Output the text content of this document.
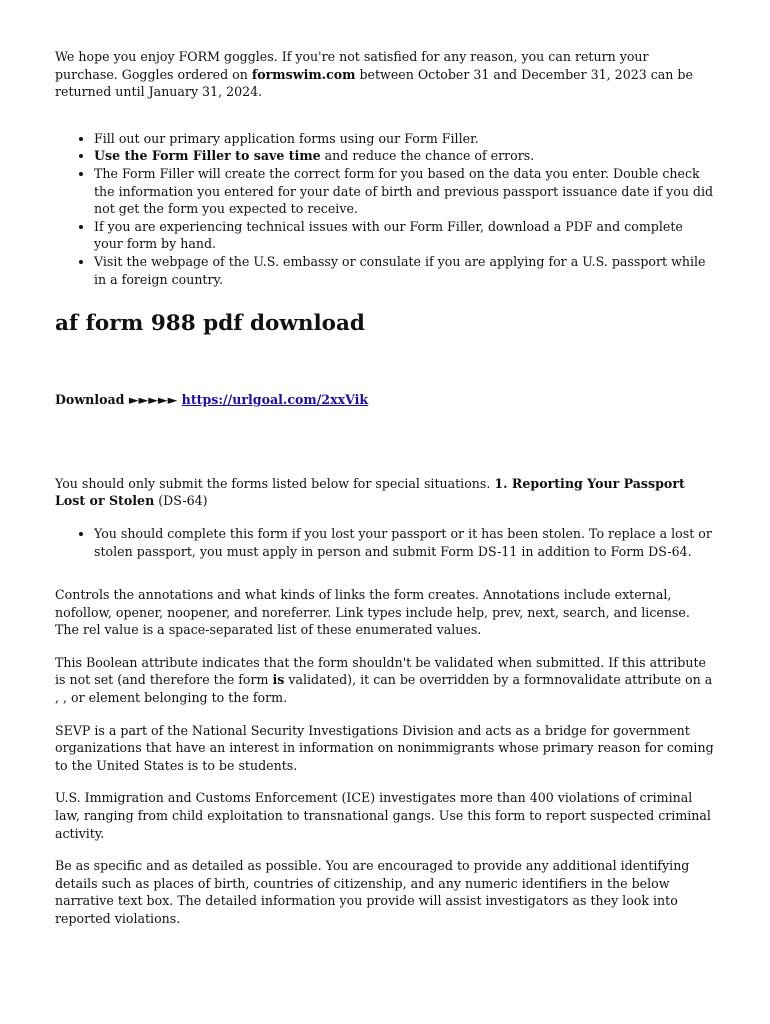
We hope you enjoy FORM goggles. If you're not satisfied for any reason, you can return your purchase. Goggles ordered on formswim.com between October 31 and December 31, 2023 can be returned until January 31, 2024.

• Fill out our primary application forms using our Form Filler.
• Use the Form Filler to save time and reduce the chance of errors.
• The Form Filler will create the correct form for you based on the data you enter. Double check the information you entered for your date of birth and previous passport issuance date if you did not get the form you expected to receive.
• If you are experiencing technical issues with our Form Filler, download a PDF and complete your form by hand.
• Visit the webpage of the U.S. embassy or consulate if you are applying for a U.S. passport while in a foreign country.
af form 988 pdf download

Download ►►►►► https://urlgoal.com/2xxVik

You should only submit the forms listed below for special situations. 1. Reporting Your Passport Lost or Stolen (DS-64)

• You should complete this form if you lost your passport or it has been stolen. To replace a lost or stolen passport, you must apply in person and submit Form DS-11 in addition to Form DS-64.

Controls the annotations and what kinds of links the form creates. Annotations include external, nofollow, opener, noopener, and noreferrer. Link types include help, prev, next, search, and license. The rel value is a space-separated list of these enumerated values.

This Boolean attribute indicates that the form shouldn't be validated when submitted. If this attribute is not set (and therefore the form is validated), it can be overridden by a formnovalidate attribute on a , , or element belonging to the form.

SEVP is a part of the National Security Investigations Division and acts as a bridge for government organizations that have an interest in information on nonimmigrants whose primary reason for coming to the United States is to be students.

U.S. Immigration and Customs Enforcement (ICE) investigates more than 400 violations of criminal law, ranging from child exploitation to transnational gangs. Use this form to report suspected criminal activity.

Be as specific and as detailed as possible. You are encouraged to provide any additional identifying details such as places of birth, countries of citizenship, and any numeric identifiers in the below narrative text box. The detailed information you provide will assist investigators as they look into reported violations.
